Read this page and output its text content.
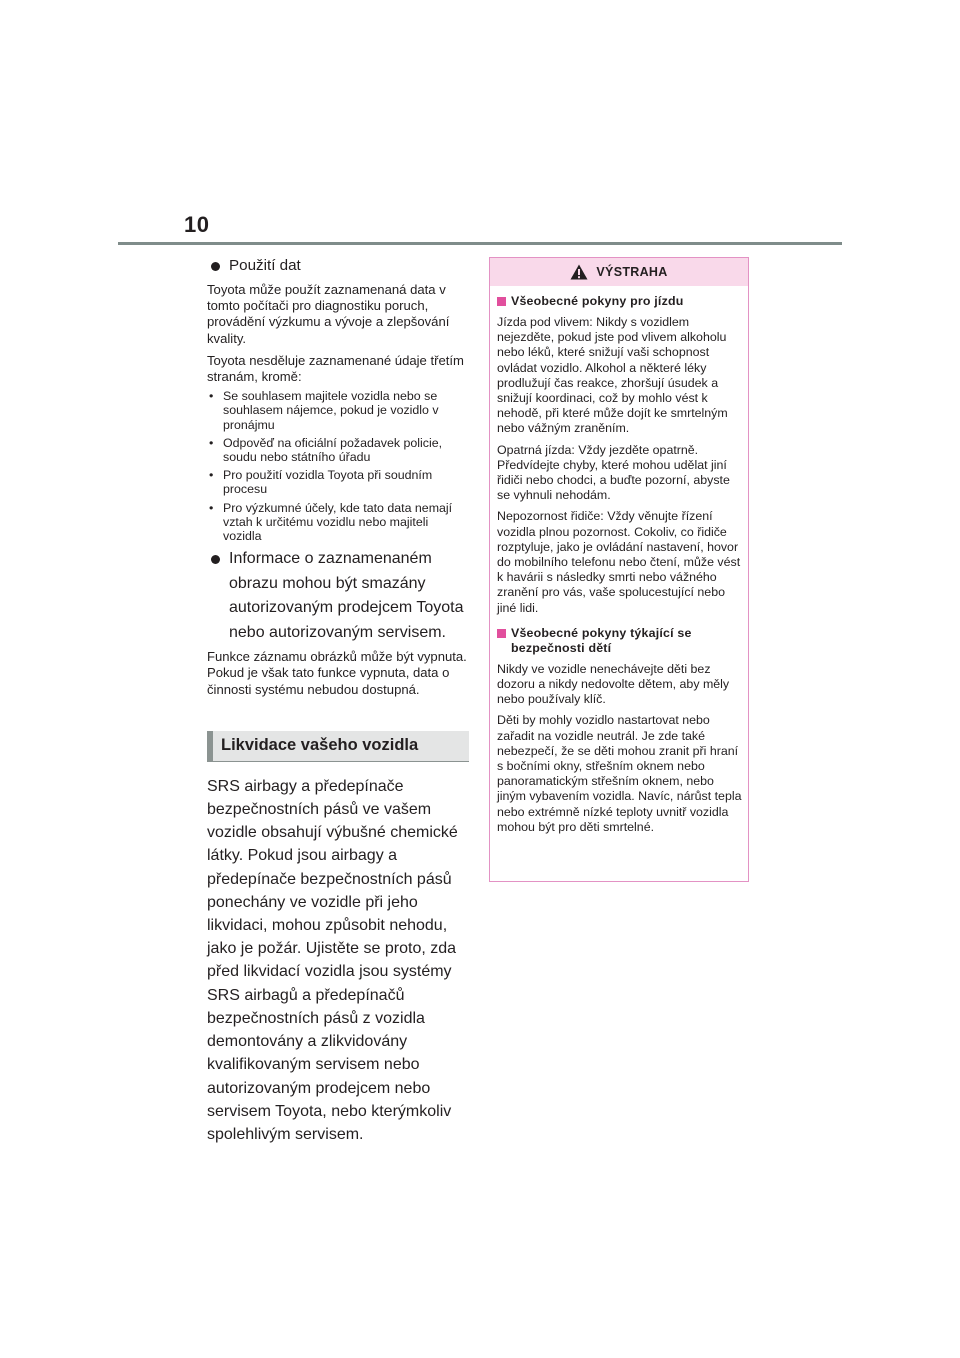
10
Použití dat
Toyota může použít zaznamenaná data v tomto počítači pro diagnostiku poruch, provádění výzkumu a vývoje a zlepšování kvality.
Toyota nesděluje zaznamenané údaje třetím stranám, kromě:
• Se souhlasem majitele vozidla nebo se souhlasem nájemce, pokud je vozidlo v pronájmu
• Odpověď na oficiální požadavek policie, soudu nebo státního úřadu
• Pro použití vozidla Toyota při soudním procesu
• Pro výzkumné účely, kde tato data nemají vztah k určitému vozidlu nebo majiteli vozidla
Informace o zaznamenaném obrazu mohou být smazány autorizovaným prodejcem Toyota nebo autorizovaným servisem.
Funkce záznamu obrázků může být vypnuta. Pokud je však tato funkce vypnuta, data o činnosti systému nebudou dostupná.
Likvidace vašeho vozidla
SRS airbagy a předepínače bezpečnostních pásů ve vašem vozidle obsahují výbušné chemické látky. Pokud jsou airbagy a předepínače bezpečnostních pásů ponechány ve vozidle při jeho likvidaci, mohou způsobit nehodu, jako je požár. Ujistěte se proto, zda před likvidací vozidla jsou systémy SRS airbagů a předepínačů bezpečnostních pásů z vozidla demontovány a zlikvidovány kvalifikovaným servisem nebo autorizovaným prodejcem nebo servisem Toyota, nebo kterýmkoliv spolehlivým servisem.
VÝSTRAHA
Všeobecné pokyny pro jízdu
Jízda pod vlivem: Nikdy s vozidlem nejezděte, pokud jste pod vlivem alkoholu nebo léků, které snižují vaši schopnost ovládat vozidlo. Alkohol a některé léky prodlužují čas reakce, zhoršují úsudek a snižují koordinaci, což by mohlo vést k nehodě, při které může dojít ke smrtelným nebo vážným zraněním.
Opatrná jízda: Vždy jezděte opatrně. Předvídejte chyby, které mohou udělat jiní řidiči nebo chodci, a buďte pozorní, abyste se vyhnuli nehodám.
Nepozornost řidiče: Vždy věnujte řízení vozidla plnou pozornost. Cokoliv, co řidiče rozptyluje, jako je ovládání nastavení, hovor do mobilního telefonu nebo čtení, může vést k havárii s následky smrti nebo vážného zranění pro vás, vaše spolucestující nebo jiné lidi.
Všeobecné pokyny týkající se bezpečnosti dětí
Nikdy ve vozidle nenechávejte děti bez dozoru a nikdy nedovolte dětem, aby měly nebo používaly klíč.
Děti by mohly vozidlo nastartovat nebo zařadit na vozidle neutrál. Je zde také nebezpečí, že se děti mohou zranit při hraní s bočními okny, střešním oknem nebo panoramatickým střešním oknem, nebo jiným vybavením vozidla. Navíc, nárůst tepla nebo extrémně nízké teploty uvnitř vozidla mohou být pro děti smrtelné.
